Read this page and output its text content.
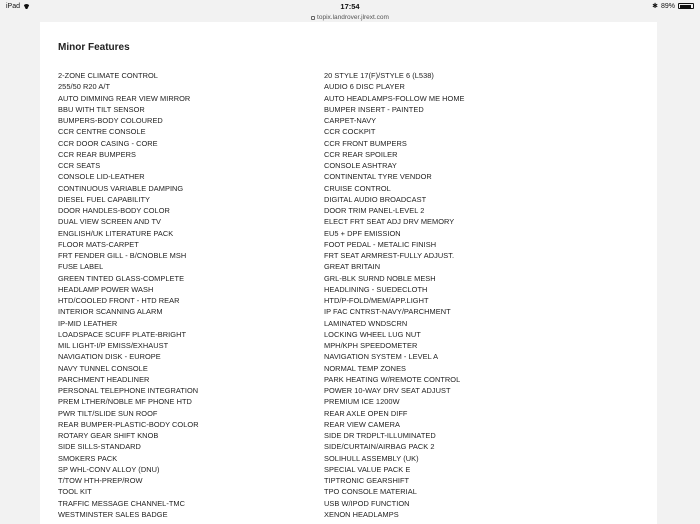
iPad	17:54	✱ 89%
topix.landrover.jlrext.com
Minor Features
2-ZONE CLIMATE CONTROL	20 STYLE 17(F)/STYLE 6 (L538)
255/50 R20 A/T	AUDIO 6 DISC PLAYER
AUTO DIMMING REAR VIEW MIRROR	AUTO HEADLAMPS-FOLLOW ME HOME
BBU WITH TILT SENSOR	BUMPER INSERT - PAINTED
BUMPERS-BODY COLOURED	CARPET-NAVY
CCR CENTRE CONSOLE	CCR COCKPIT
CCR DOOR CASING - CORE	CCR FRONT BUMPERS
CCR REAR BUMPERS	CCR REAR SPOILER
CCR SEATS	CONSOLE ASHTRAY
CONSOLE LID-LEATHER	CONTINENTAL TYRE VENDOR
CONTINUOUS VARIABLE DAMPING	CRUISE CONTROL
DIESEL FUEL CAPABILITY	DIGITAL AUDIO BROADCAST
DOOR HANDLES-BODY COLOR	DOOR TRIM PANEL-LEVEL 2
DUAL VIEW SCREEN AND TV	ELECT FRT SEAT ADJ DRV MEMORY
ENGLISH/UK LITERATURE PACK	EU5 + DPF EMISSION
FLOOR MATS-CARPET	FOOT PEDAL - METALIC FINISH
FRT FENDER GILL - B/CNOBLE MSH	FRT SEAT ARMREST-FULLY ADJUST.
FUSE LABEL	GREAT BRITAIN
GREEN TINTED GLASS-COMPLETE	GRL-BLK SURND NOBLE MESH
HEADLAMP POWER WASH	HEADLINING - SUEDECLOTH
HTD/COOLED FRONT - HTD REAR	HTD/P-FOLD/MEM/APP.LIGHT
INTERIOR SCANNING ALARM	IP FAC CNTRST-NAVY/PARCHMENT
IP-MID LEATHER	LAMINATED WNDSCRN
LOADSPACE SCUFF PLATE-BRIGHT	LOCKING WHEEL LUG NUT
MIL LIGHT-I/P EMISS/EXHAUST	MPH/KPH SPEEDOMETER
NAVIGATION DISK - EUROPE	NAVIGATION SYSTEM - LEVEL A
NAVY TUNNEL CONSOLE	NORMAL TEMP ZONES
PARCHMENT HEADLINER	PARK HEATING W/REMOTE CONTROL
PERSONAL TELEPHONE INTEGRATION	POWER 10-WAY DRV SEAT ADJUST
PREM LTHER/NOBLE MF PHONE HTD	PREMIUM ICE 1200W
PWR TILT/SLIDE SUN ROOF	REAR AXLE OPEN DIFF
REAR BUMPER-PLASTIC-BODY COLOR	REAR VIEW CAMERA
ROTARY GEAR SHIFT KNOB	SIDE DR TRDPLT-ILLUMINATED
SIDE SILLS-STANDARD	SIDE/CURTAIN/AIRBAG PACK 2
SMOKERS PACK	SOLIHULL ASSEMBLY (UK)
SP WHL-CONV ALLOY (DNU)	SPECIAL VALUE PACK E
T/TOW HTH-PREP/ROW	TIPTRONIC GEARSHIFT
TOOL KIT	TPO CONSOLE MATERIAL
TRAFFIC MESSAGE CHANNEL-TMC	USB W/IPOD FUNCTION
WESTMINSTER SALES BADGE	XENON HEADLAMPS
